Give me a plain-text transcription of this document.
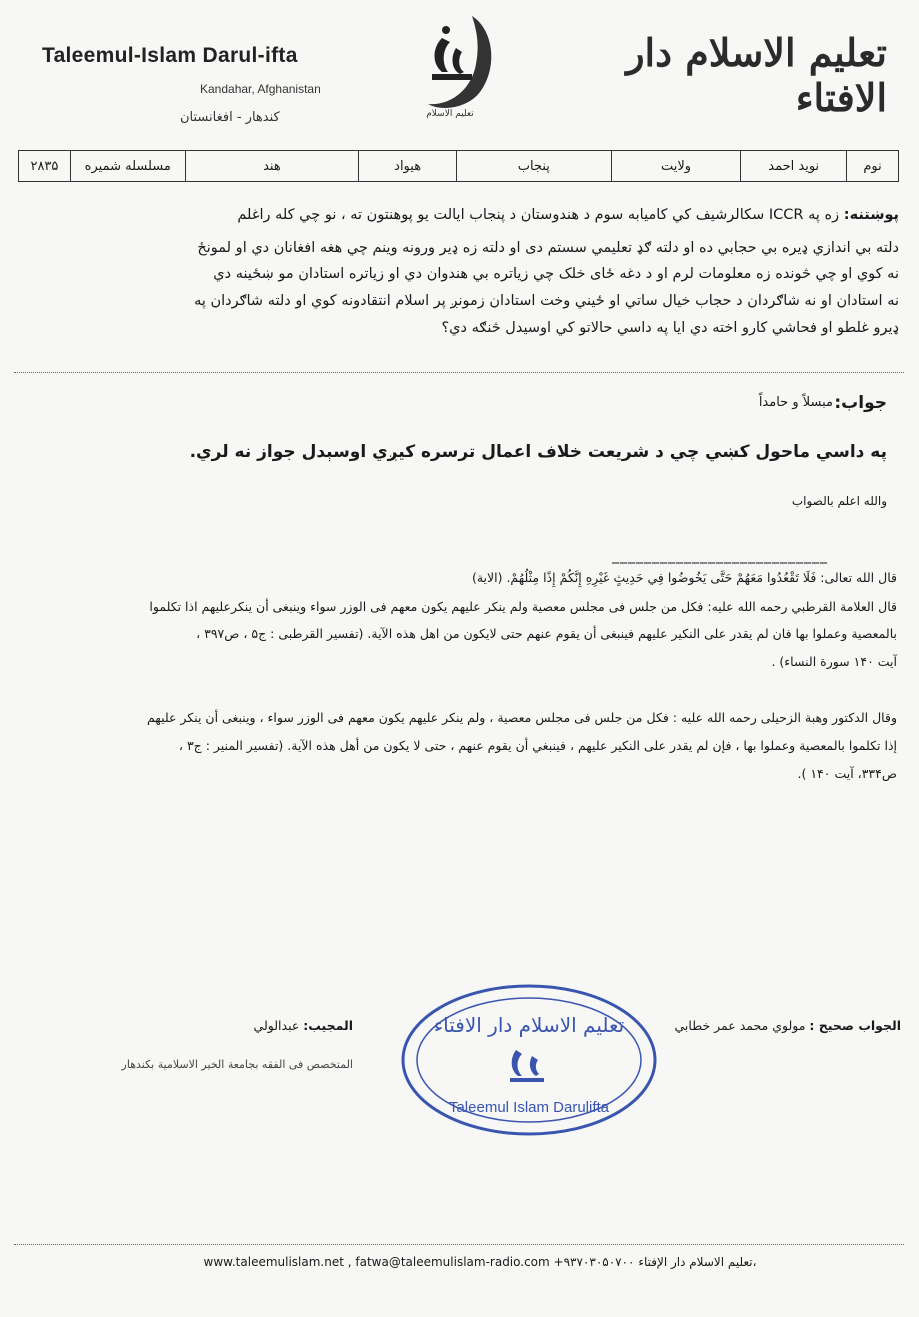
Taleemul-Islam Darul-ifta
Kandahar, Afghanistan
کندهار - افغانستان
تعلیم الاسلام دار الافتاء
تعلیم الاسلام
نوم
نوید احمد
ولایت
پنجاب
هیواد
هند
مسلسله شمیره
۲۸۳۵
پوښتنه: زه په ICCR سکالرشیف کي کامیابه سوم د هندوستان د پنجاب ایالت یو پوهنتون ته ، نو چي کله راغلم
دلته بي اندازي ډیره بي حجابي ده او دلته ګډ تعلیمي سستم دی او دلته زه ډیر ورونه وینم چي هغه افغانان دي او لمونځ
نه کوي او چي څونده زه معلومات لرم او د دغه ځای خلک چي زیاتره بي هندوان دي او زیاتره استادان مو ښځینه دي
نه استادان او نه شاګردان د حجاب خیال ساتي او ځیني وخت استادان زمونږ پر اسلام انتقادونه کوي او دلته شاګردان په
ډیرو غلطو او فحاشي کارو اخته دي ایا په داسي حالاتو کي اوسیدل څنګه دي؟
جواب:
مبسلاً و حامداً
په داسي ماحول کښي چي د شریعت خلاف اعمال ترسره کیږي اوسېدل جواز نه لري.
والله اعلم بالصواب
___________________________
قال الله تعالی: فَلَا تَقْعُدُوا مَعَهُمْ حَتَّی يَخُوضُوا فِي حَدِيثٍ غَيْرِهِ إِنَّكُمْ إِذًا مِثْلُهُمْ. (الاية)
قال العلامة القرطبي رحمه الله علیه: فكل من جلس فی مجلس معصية ولم ينكر عليهم يكون معهم فی الوزر سواء وينبغی أن ينكرعليهم اذا تكلموا
بالمعصية وعملوا بها فان لم يقدر على النكير عليهم فينبغی أن يقوم عنهم حتى لايكون من اهل هذه الآية. (تفسیر القرطبی : ج۵ ، ص۳۹۷ ،
آیت ۱۴۰ سورة النساء) .
وقال الدكتور وهبة الزحيلی رحمه الله علیه : فكل من جلس فی مجلس معصية ، ولم ينكر عليهم يكون معهم فی الوزر سواء ، وينبغی أن ينكر عليهم
إذا تكلموا بالمعصية وعملوا بها ، فإن لم يقدر على النكير عليهم ، فينبغي أن يقوم عنهم ، حتى لا يكون من أهل هذه الآية. (تفسير المنير : ج۳ ،
ص۳۳۴، آیت ۱۴۰ ).
الجواب صحیح : مولوي محمد عمر خطابي
المجیب: عبدالولي
المتخصص فی الفقه بجامعة الخیر الاسلامیة بکندهار
تعلیم الاسلام دار الافتاء
Taleemul Islam Darulifta
www.taleemulislam.net , fatwa@taleemulislam-radio.com +۹۳۷۰۳۰۵۰۷۰۰ تعلیم الاسلام دار الإفتاء،
